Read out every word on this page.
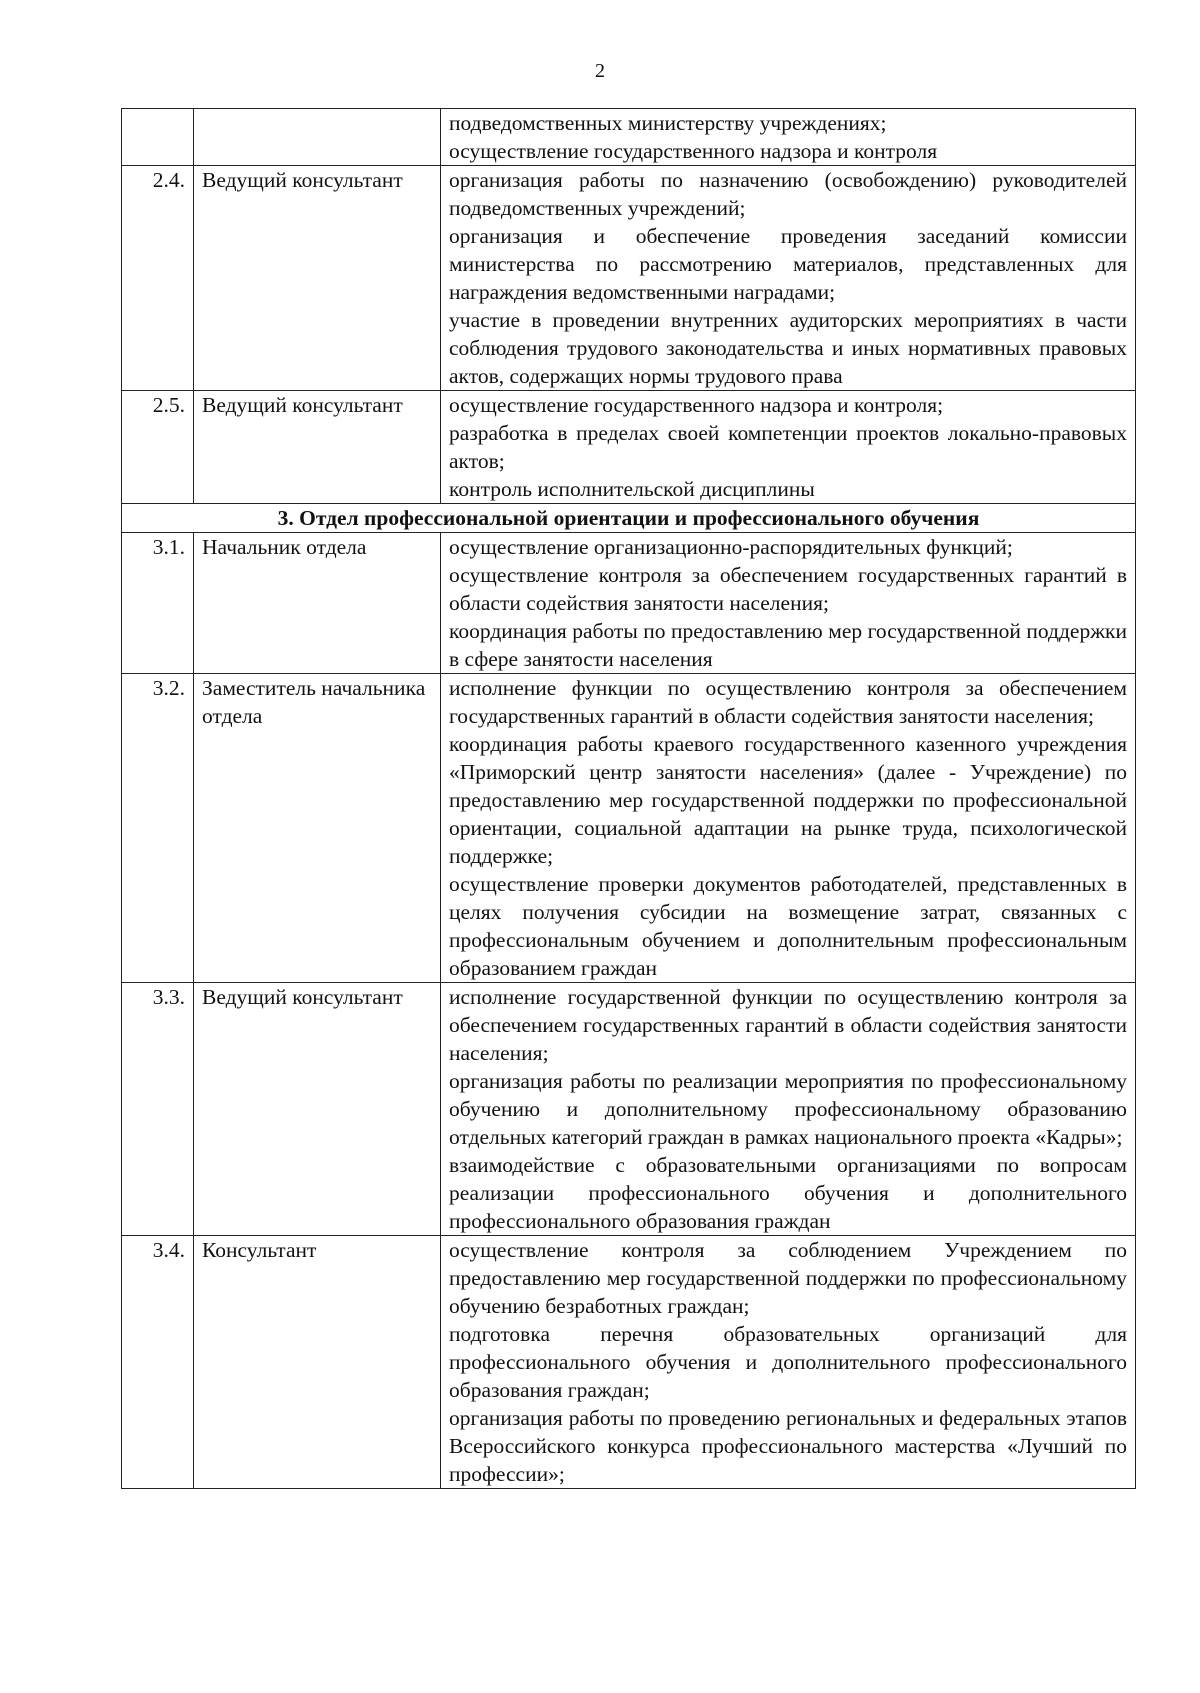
2

		подведомственных министерству учреждениях;
осуществление государственного надзора и контроля

2.4.	Ведущий консультант	организация работы по назначению (освобождению) руководителей подведомственных учреждений;
организация и обеспечение проведения заседаний комиссии министерства по рассмотрению материалов, представленных для награждения ведомственными наградами;
участие в проведении внутренних аудиторских мероприятиях в части соблюдения трудового законодательства и иных нормативных правовых актов, содержащих нормы трудового права

2.5.	Ведущий консультант	осуществление государственного надзора и контроля;
разработка в пределах своей компетенции проектов локально-правовых актов;
контроль исполнительской дисциплины

3. Отдел профессиональной ориентации и профессионального обучения		
3.1.	Начальник отдела	осуществление организационно-распорядительных функций;
осуществление контроля за обеспечением государственных гарантий в области содействия занятости населения;
координация работы по предоставлению мер государственной поддержки в сфере занятости населения

3.2.	Заместитель начальника отдела	исполнение функции по осуществлению контроля за обеспечением государственных гарантий в области содействия занятости населения;
координация работы краевого государственного казенного учреждения «Приморский центр занятости населения» (далее - Учреждение) по предоставлению мер государственной поддержки по профессиональной ориентации, социальной адаптации на рынке труда, психологической поддержке;
осуществление проверки документов работодателей, представленных в целях получения субсидии на возмещение затрат, связанных с профессиональным обучением и дополнительным профессиональным образованием граждан

3.3.	Ведущий консультант	исполнение государственной функции по осуществлению контроля за обеспечением государственных гарантий в области содействия занятости населения;
организация работы по реализации мероприятия по профессиональному обучению и дополнительному профессиональному образованию отдельных категорий граждан в рамках национального проекта «Кадры»;
взаимодействие с образовательными организациями по вопросам реализации профессионального обучения и дополнительного профессионального образования граждан

3.4.	Консультант	осуществление контроля за соблюдением Учреждением по предоставлению мер государственной поддержки по профессиональному обучению безработных граждан;
подготовка перечня образовательных организаций для профессионального обучения и дополнительного профессионального образования граждан;
организация работы по проведению региональных и федеральных этапов Всероссийского конкурса профессионального мастерства «Лучший по профессии»;
